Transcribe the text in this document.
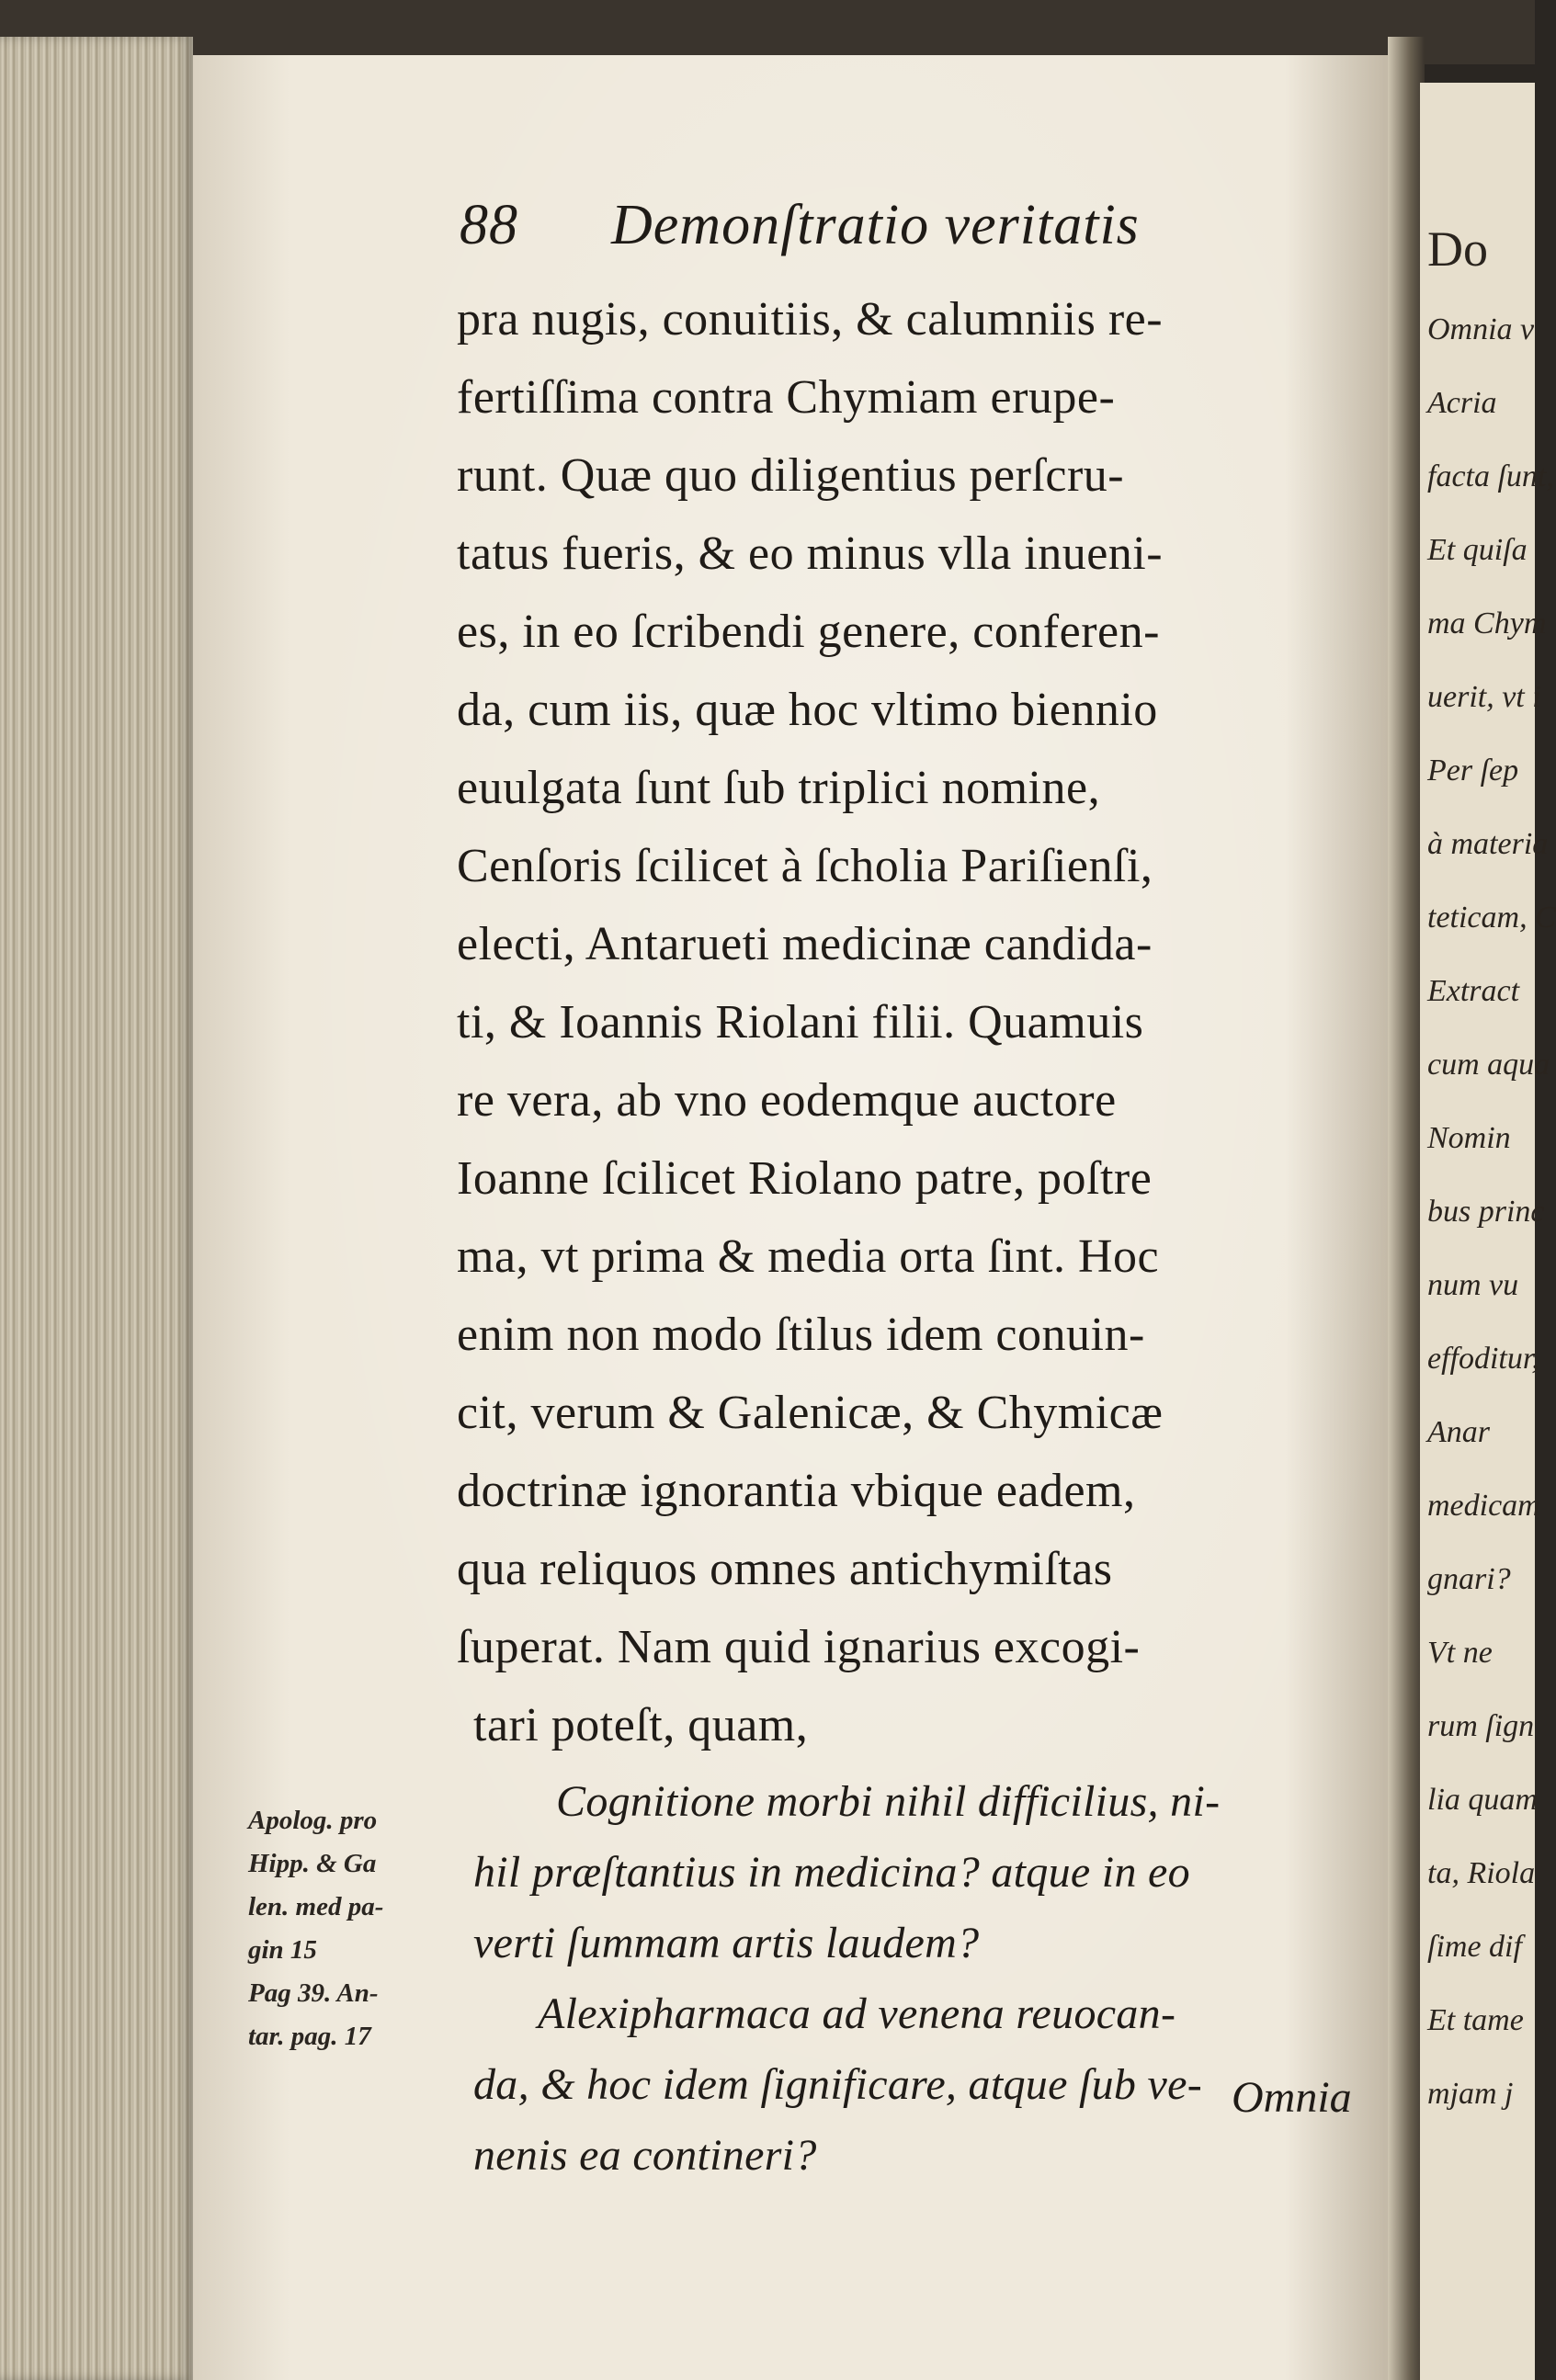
88 Demonſtratio veritatis
pra nugis, conuitiis, & calumniis re-
fertiſſima contra Chymiam erupe-
runt. Quæ quo diligentius perſcru-
tatus fueris, & eo minus vlla inueni-
es, in eo ſcribendi genere, conferen-
da, cum iis, quæ hoc vltimo biennio
euulgata ſunt ſub triplici nomine,
Cenſoris ſcilicet à ſcholia Pariſienſi,
electi, Antarueti medicinæ candida-
ti, & Ioannis Riolani filii. Quamuis
re vera, ab vno eodemque auctore
Ioanne ſcilicet Riolano patre, poſtre
ma, vt prima & media orta ſint. Hoc
enim non modo ſtilus idem conuin-
cit, verum & Galenicæ, & Chymicæ
doctrinæ ignorantia vbique eadem,
qua reliquos omnes antichymiſtas
ſuperat. Nam quid ignarius excogi-
tari poteſt, quam,
Cognitione morbi nihil difficilius, ni-
hil præſtantius in medicina? atque in eo
verti ſummam artis laudem?
Alexipharmaca ad venena reuocan-
da, & hoc idem ſignificare, atque ſub ve-
nenis ea contineri?
Apolog. pro
Hipp. & Ga
len. med pa-
gin 15
Pag 39. An-
tar. pag. 17
Omnia
Do
Omnia v
Acria
facta ſunt,
Et quiſa
ma Chym
uerit, vt i
Per ſep
à materia
teticam, C
Extract
cum aqua
Nomin
bus princ
num vu
effoditur,
Anar
medicam
gnari?
Vt ne
rum ſign
lia quam
ta, Riola
ſime dif
Et tame
mjam j
